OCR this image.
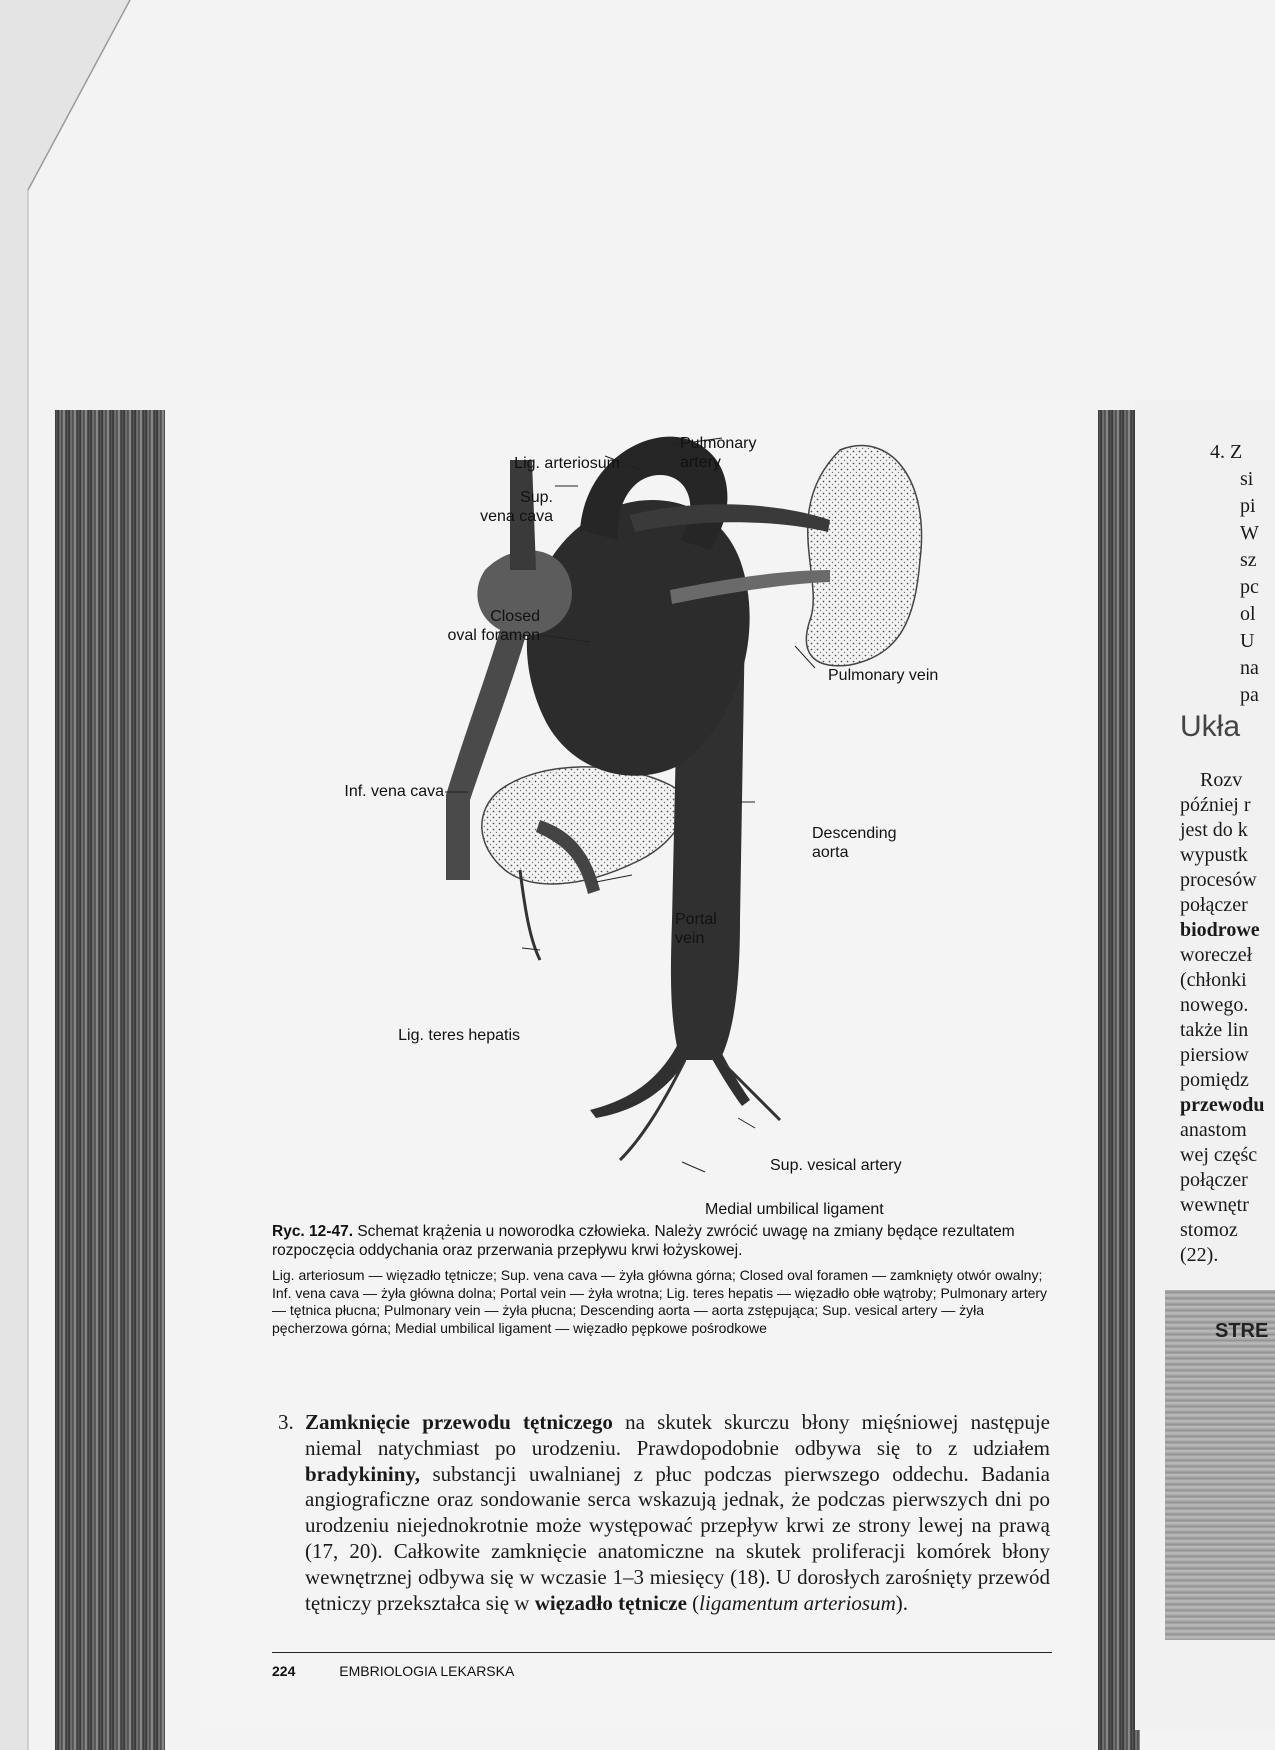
Lig. arteriosum
Sup.
vena cava
Closed
oval foramen
Inf. vena cava
Lig. teres hepatis
Pulmonary
artery
Pulmonary vein
Descending
aorta
Portal
vein
Sup. vesical artery
Medial umbilical ligament
Ryc. 12-47. Schemat krążenia u noworodka człowieka. Należy zwrócić uwagę na zmiany będące rezultatem rozpoczęcia oddychania oraz przerwania przepływu krwi łożyskowej.
Lig. arteriosum — więzadło tętnicze; Sup. vena cava — żyła główna górna; Closed oval foramen — zamknięty otwór owalny; Inf. vena cava — żyła główna dolna; Portal vein — żyła wrotna; Lig. teres hepatis — więzadło obłe wątroby; Pulmonary artery — tętnica płucna; Pulmonary vein — żyła płucna; Descending aorta — aorta zstępująca; Sup. vesical artery — żyła pęcherzowa górna; Medial umbilical ligament — więzadło pępkowe pośrodkowe
3. Zamknięcie przewodu tętniczego na skutek skurczu błony mięśniowej następuje niemal natychmiast po urodzeniu. Prawdopodobnie odbywa się to z udziałem bradykininy, substancji uwalnianej z płuc podczas pierwszego oddechu. Badania angiograficzne oraz sondowanie serca wskazują jednak, że podczas pierwszych dni po urodzeniu niejednokrotnie może występować przepływ krwi ze strony lewej na prawą (17, 20). Całkowite zamknięcie anatomiczne na skutek proliferacji komórek błony wewnętrznej odbywa się w wczasie 1–3 miesięcy (18). U dorosłych zarośnięty przewód tętniczy przekształca się w więzadło tętnicze (ligamentum arteriosum).
224	EMBRIOLOGIA LEKARSKA
4. Z
si
pi
W
sz
pc
ol
U
na
pa
Ukła
Rozv
później r
jest do k
wypustk
procesów
połączer
biodrowe
woreczeł
(chłonki
nowego.
także lin
piersiow
pomiędz
przewodu
anastom
wej częśc
połączer
wewnętr
stomoz
(22).
STRE
